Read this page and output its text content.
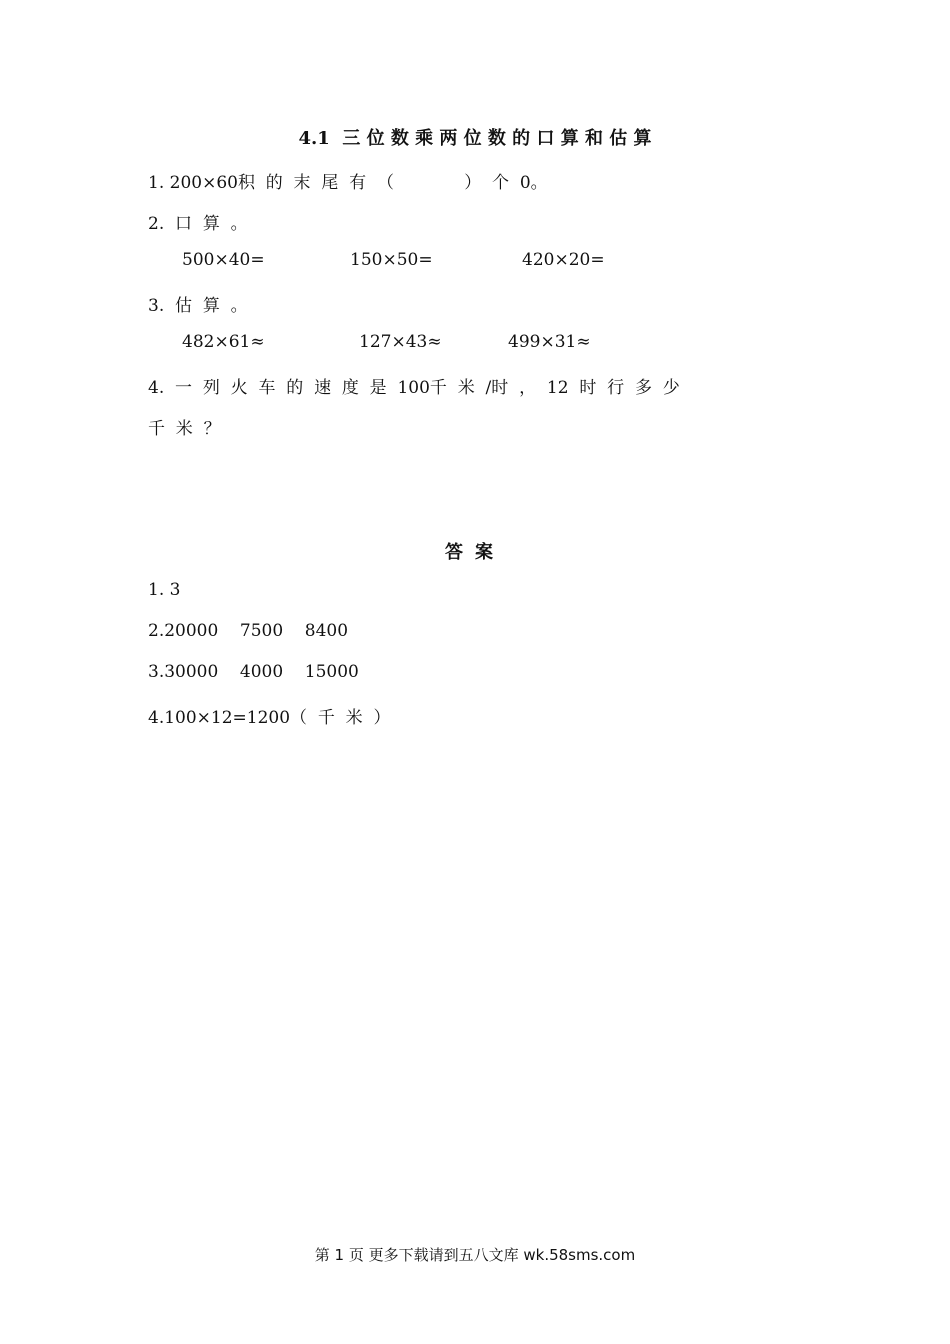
4.1  三 位 数 乘 两 位 数 的 口 算 和 估 算
1. 200×60积  的  末  尾  有  （             ）  个  0。
2.  口  算  。
500×40=	150×50=	420×20=
3.  估  算  。
482×61≈	127×43≈	499×31≈
4.  一  列  火  车  的  速  度  是  100千  米  /时  ，  12  时  行  多  少
千  米  ？
答案
1. 3
2.20000    7500    8400
3.30000    4000    15000
4.100×12=1200（  千  米  ）
第 1 页 更多下载请到五八文库 wk.58sms.com
